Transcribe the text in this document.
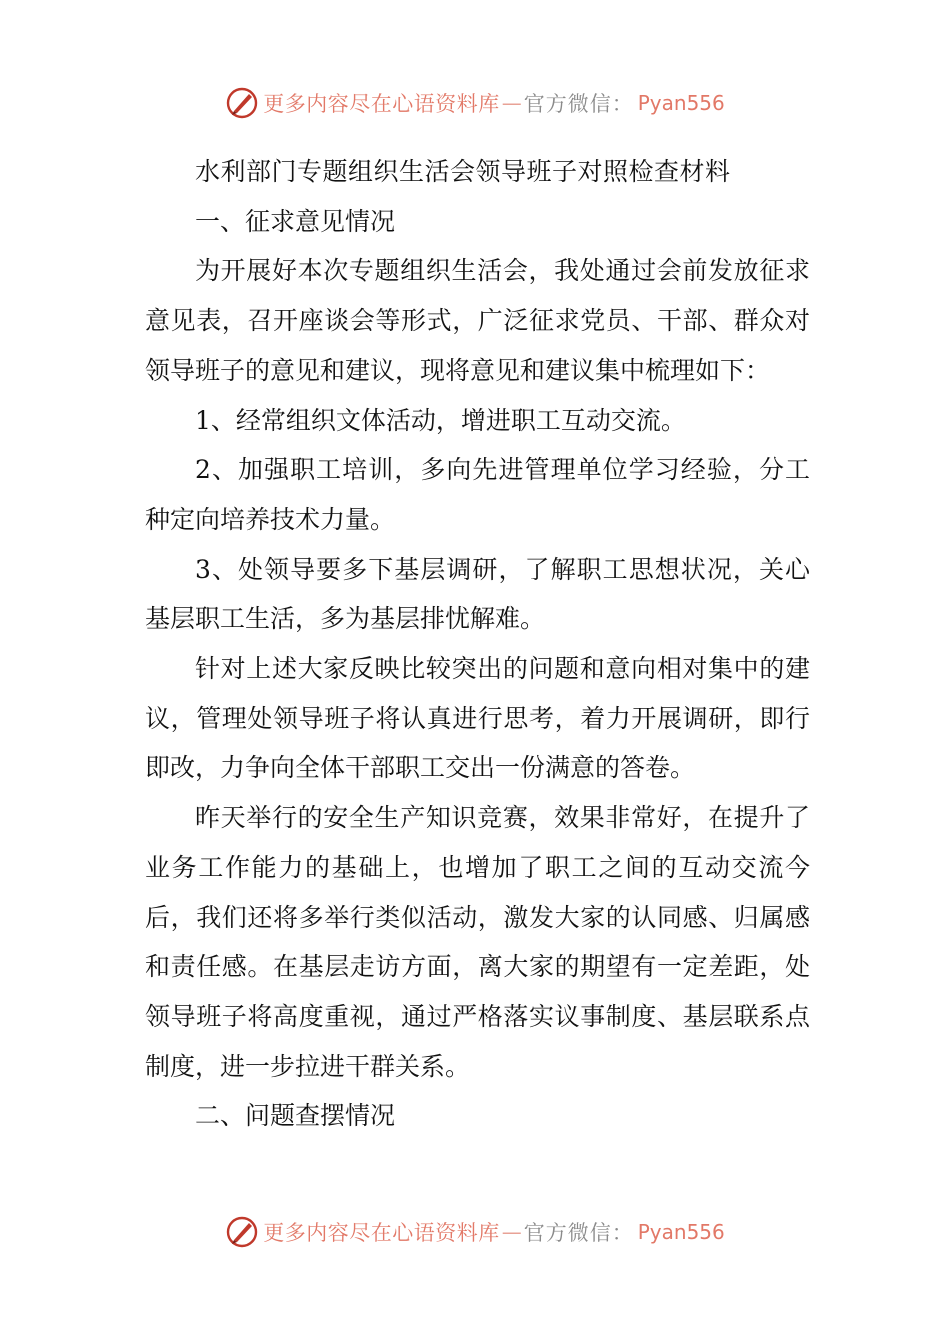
更多内容尽在心语资料库 — 官方微信： Pyan556

水利部门专题组织生活会领导班子对照检查材料

一、征求意见情况

为开展好本次专题组织生活会，我处通过会前发放征求意见表，召开座谈会等形式，广泛征求党员、干部、群众对领导班子的意见和建议，现将意见和建议集中梳理如下：

1、经常组织文体活动，增进职工互动交流。

2、加强职工培训，多向先进管理单位学习经验，分工种定向培养技术力量。

3、处领导要多下基层调研，了解职工思想状况，关心基层职工生活，多为基层排忧解难。

针对上述大家反映比较突出的问题和意向相对集中的建议，管理处领导班子将认真进行思考，着力开展调研，即行即改，力争向全体干部职工交出一份满意的答卷。

昨天举行的安全生产知识竞赛，效果非常好，在提升了业务工作能力的基础上，也增加了职工之间的互动交流今后，我们还将多举行类似活动，激发大家的认同感、归属感和责任感。在基层走访方面，离大家的期望有一定差距，处领导班子将高度重视，通过严格落实议事制度、基层联系点制度，进一步拉进干群关系。

二、问题查摆情况

更多内容尽在心语资料库 — 官方微信： Pyan556
